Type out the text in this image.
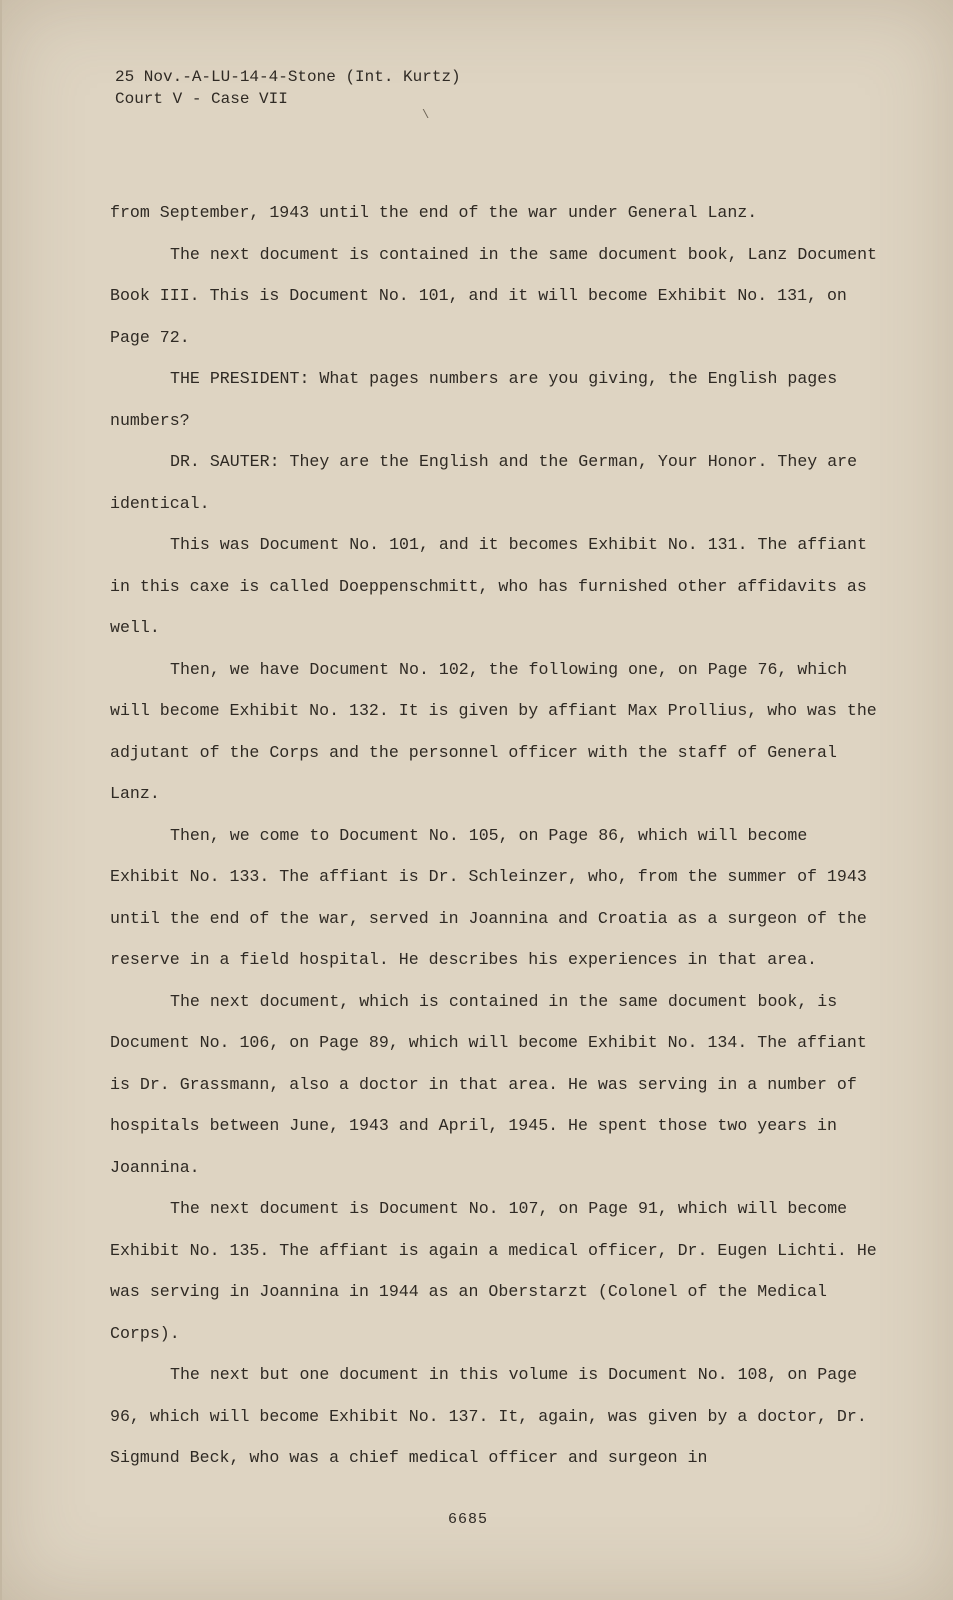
25 Nov.-A-LU-14-4-Stone (Int. Kurtz)
Court V - Case VII

from September, 1943 until the end of the war under General Lanz.

The next document is contained in the same document book, Lanz Document Book III. This is Document No. 101, and it will become Exhibit No. 131, on Page 72.

THE PRESIDENT: What pages numbers are you giving, the English pages numbers?

DR. SAUTER: They are the English and the German, Your Honor. They are identical.

This was Document No. 101, and it becomes Exhibit No. 131. The affiant in this caxe is called Doeppenschmitt, who has furnished other affidavits as well.

Then, we have Document No. 102, the following one, on Page 76, which will become Exhibit No. 132. It is given by affiant Max Prollius, who was the adjutant of the Corps and the personnel officer with the staff of General Lanz.

Then, we come to Document No. 105, on Page 86, which will become Exhibit No. 133. The affiant is Dr. Schleinzer, who, from the summer of 1943 until the end of the war, served in Joannina and Croatia as a surgeon of the reserve in a field hospital. He describes his experiences in that area.

The next document, which is contained in the same document book, is Document No. 106, on Page 89, which will become Exhibit No. 134. The affiant is Dr. Grassmann, also a doctor in that area. He was serving in a number of hospitals between June, 1943 and April, 1945. He spent those two years in Joannina.

The next document is Document No. 107, on Page 91, which will become Exhibit No. 135. The affiant is again a medical officer, Dr. Eugen Lichti. He was serving in Joannina in 1944 as an Oberstarzt (Colonel of the Medical Corps).

The next but one document in this volume is Document No. 108, on Page 96, which will become Exhibit No. 137. It, again, was given by a doctor, Dr. Sigmund Beck, who was a chief medical officer and surgeon in

\
6685
